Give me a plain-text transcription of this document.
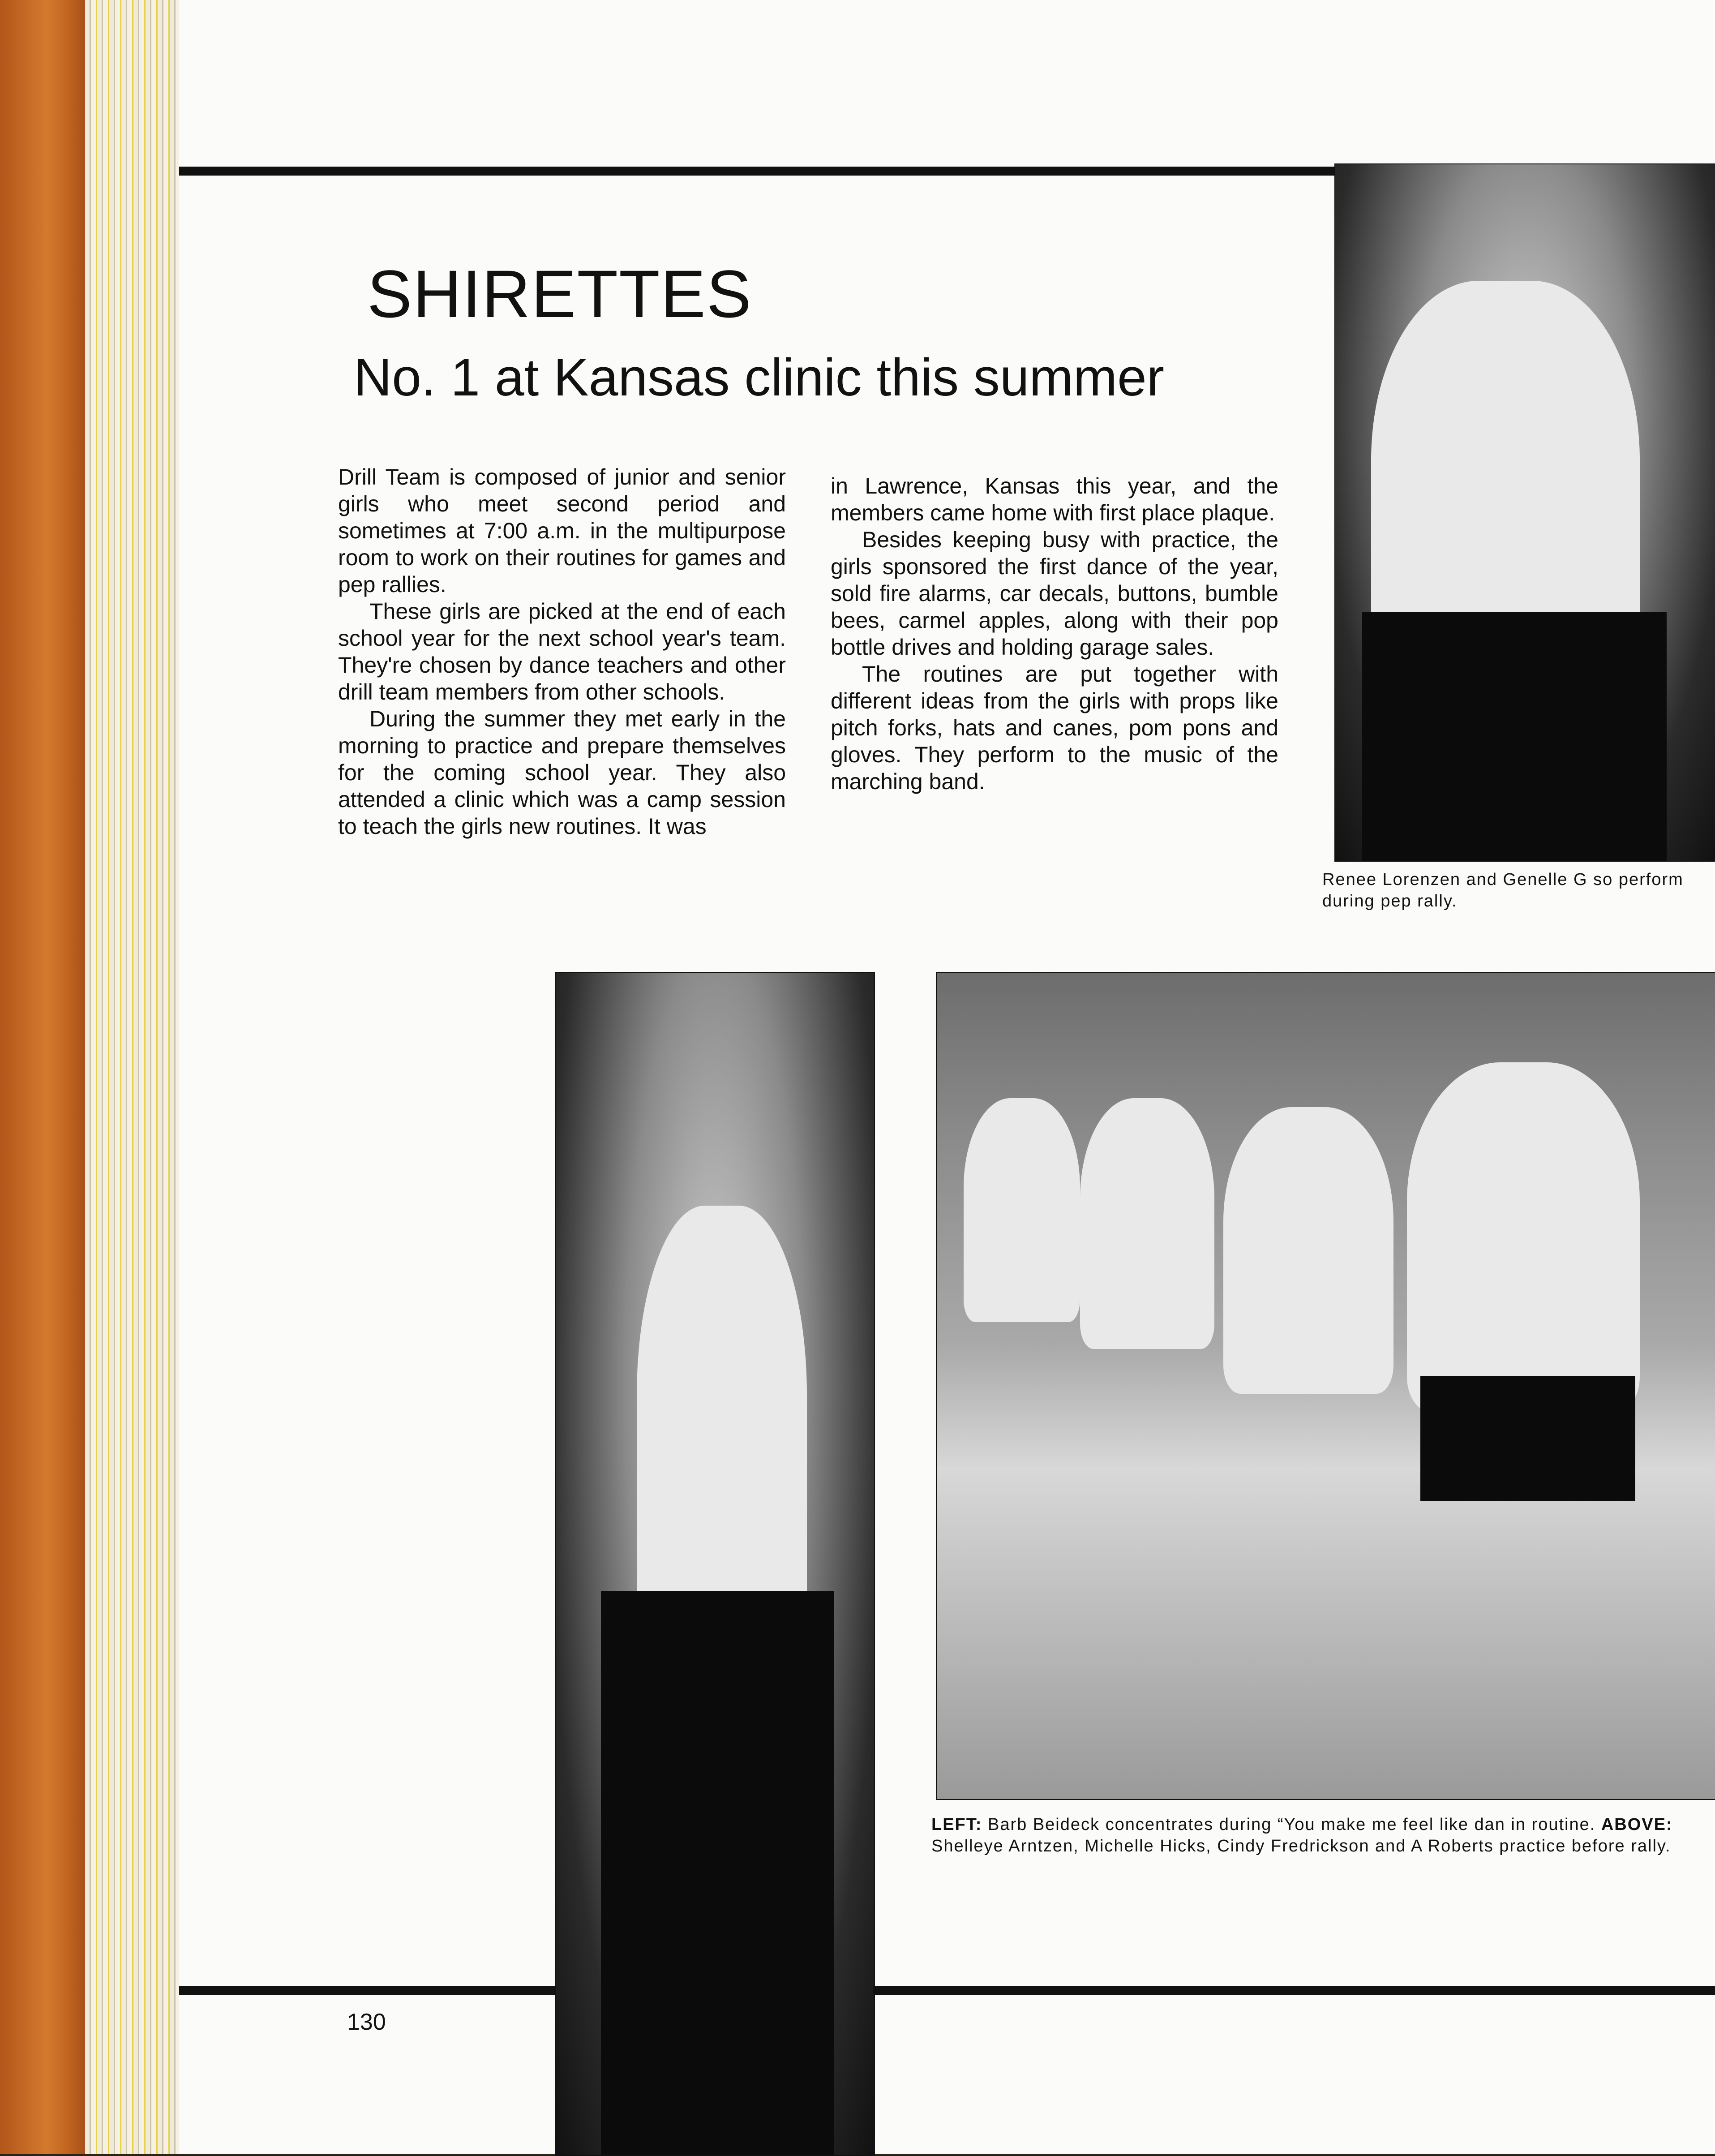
SHIRETTES
No. 1 at Kansas clinic this summer

Drill Team is composed of junior and senior girls who meet second period and sometimes at 7:00 a.m. in the multipurpose room to work on their routines for games and pep rallies.

These girls are picked at the end of each school year for the next school year's team. They're chosen by dance teachers and other drill team members from other schools.

During the summer they met early in the morning to practice and prepare themselves for the coming school year. They also attended a clinic which was a camp session to teach the girls new routines. It was

in Lawrence, Kansas this year, and the members came home with first place plaque.

Besides keeping busy with practice, the girls sponsored the first dance of the year, sold fire alarms, car decals, buttons, bumble bees, carmel apples, along with their pop bottle drives and holding garage sales.

The routines are put together with different ideas from the girls with props like pitch forks, hats and canes, pom pons and gloves. They perform to the music of the marching band.

Renee Lorenzen and Genelle G so perform during pep rally.
LEFT: Barb Beideck concentrates during “You make me feel like dan in routine. ABOVE: Shelleye Arntzen, Michelle Hicks, Cindy Fredrickson and A Roberts practice before rally.
130
